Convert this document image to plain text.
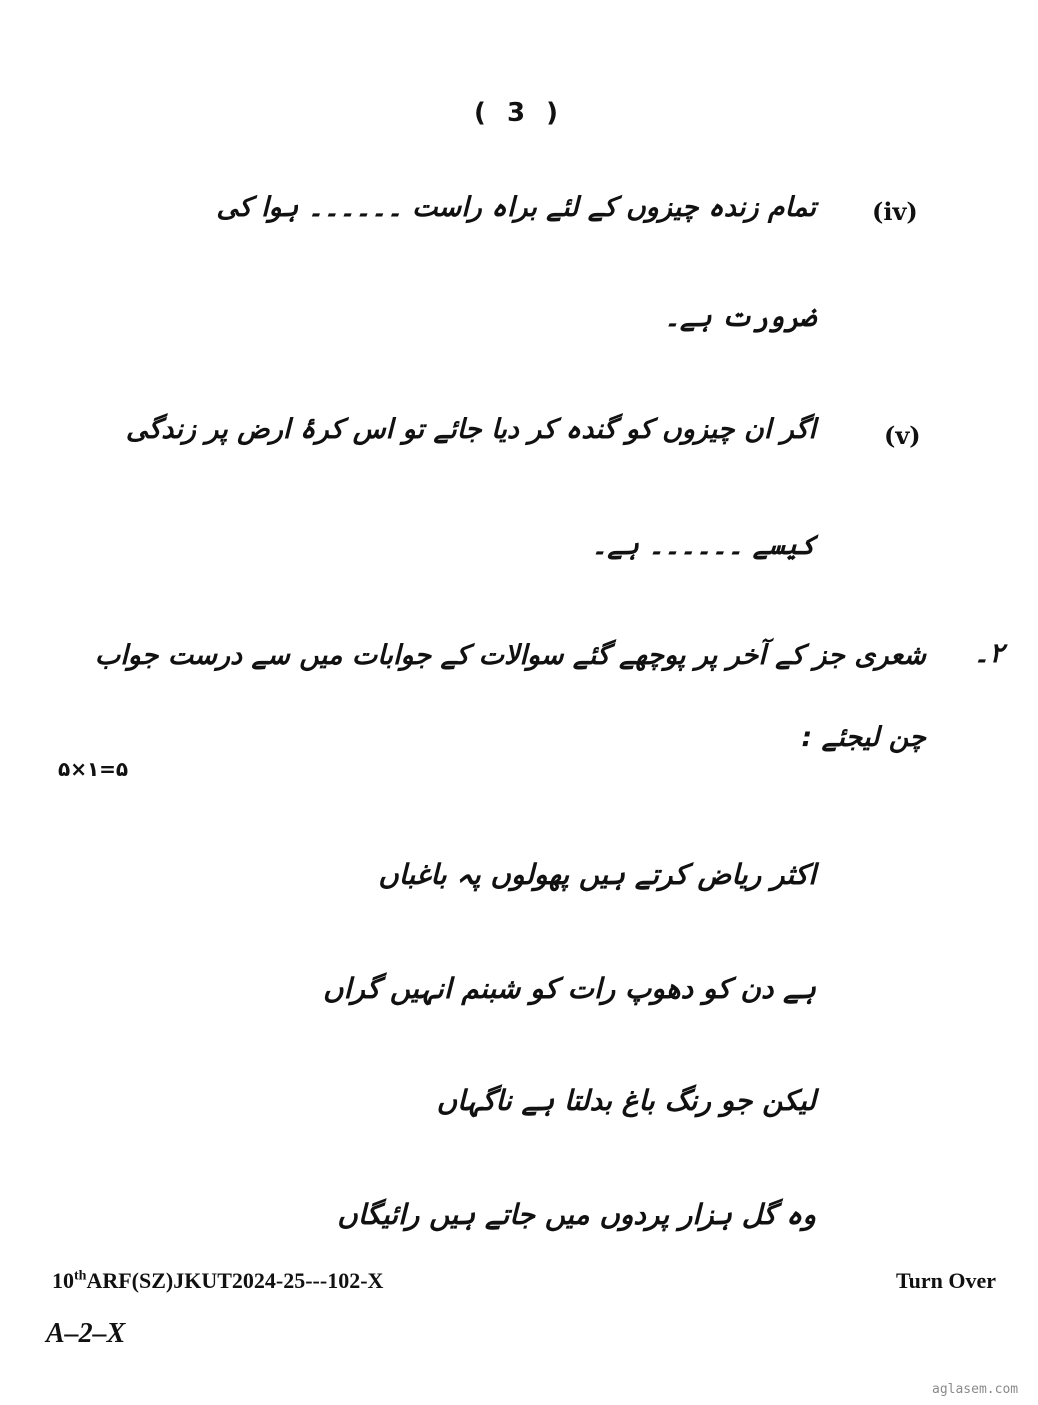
( 3 )
(iv)
تمام زندہ چیزوں کے لئے براہ راست ۔۔۔۔۔۔ ہوا کی
ضرورت ہے۔
(v)
اگر ان چیزوں کو گندہ کر دیا جائے تو اس کرۂ ارض پر زندگی
کیسے ۔۔۔۔۔۔ ہے۔
۲۔
شعری جز کے آخر پر پوچھے گئے سوالات کے جوابات میں سے درست جواب
چن لیجئے :
۵×۱=۵
اکثر ریاض کرتے ہیں پھولوں پہ باغباں
ہے دن کو دھوپ رات کو شبنم انہیں گراں
لیکن جو رنگ باغ بدلتا ہے ناگہاں
وہ گل ہزار پردوں میں جاتے ہیں رائیگاں
10thARF(SZ)JKUT2024-25---102-X	Turn Over
A–2–X
aglasem.com
